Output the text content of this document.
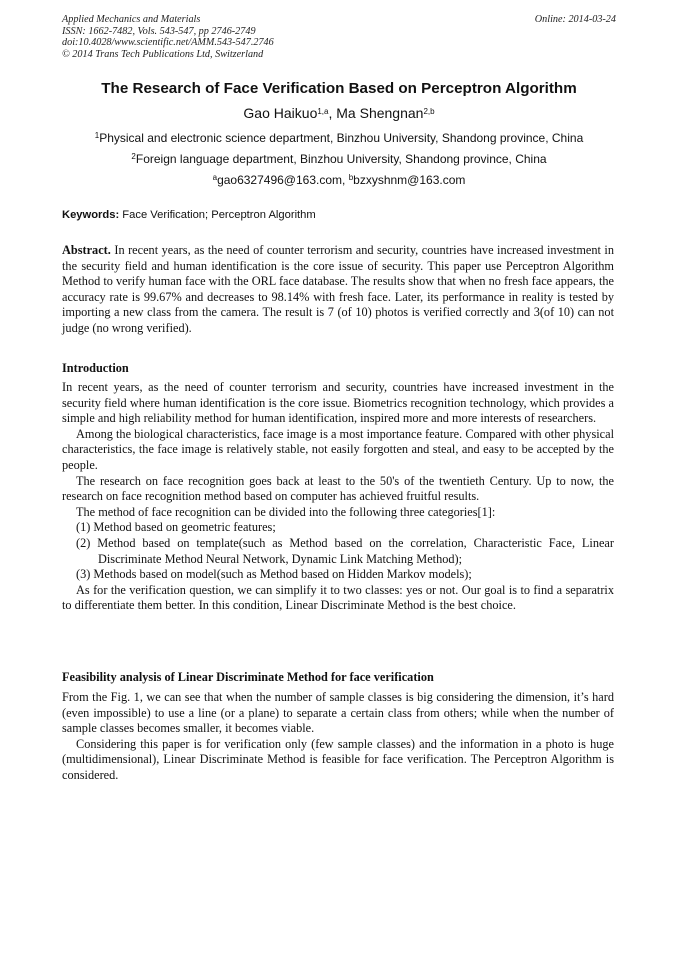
Applied Mechanics and Materials
ISSN: 1662-7482, Vols. 543-547, pp 2746-2749
doi:10.4028/www.scientific.net/AMM.543-547.2746
© 2014 Trans Tech Publications Ltd, Switzerland
Online: 2014-03-24
The Research of Face Verification Based on Perceptron Algorithm
Gao Haikuo$^{1,a}$, Ma Shengnan$^{2,b}$
$^1$Physical and electronic science department, Binzhou University, Shandong province, China
$^2$Foreign language department, Binzhou University, Shandong province, China
$^a$gao6327496@163.com, $^b$bzxyshnm@163.com
Keywords: Face Verification; Perceptron Algorithm

Abstract. In recent years, as the need of counter terrorism and security, countries have increased investment in the security field and human identification is the core issue of security. This paper use Perceptron Algorithm Method to verify human face with the ORL face database. The results show that when no fresh face appears, the accuracy rate is 99.67% and decreases to 98.14% with fresh face. Later, its performance in reality is tested by importing a new class from the camera. The result is 7 (of 10) photos is verified correctly and 3(of 10) can not judge (no wrong verified).

Introduction

In recent years, as the need of counter terrorism and security, countries have increased investment in the security field where human identification is the core issue. Biometrics recognition technology, which provides a simple and high reliability method for human identification, inspired more and more interests of researchers.

Among the biological characteristics, face image is a most importance feature. Compared with other physical characteristics, the face image is relatively stable, not easily forgotten and steal, and easy to be accepted by the people.

The research on face recognition goes back at least to the 50's of the twentieth Century. Up to now, the research on face recognition method based on computer has achieved fruitful results.

The method of face recognition can be divided into the following three categories[1]:

(1) Method based on geometric features;

(2) Method based on template(such as Method based on the correlation, Characteristic Face, Linear Discriminate Method Neural Network, Dynamic Link Matching Method);

(3) Methods based on model(such as Method based on Hidden Markov models);

As for the verification question, we can simplify it to two classes: yes or not. Our goal is to find a separatrix to differentiate them better. In this condition, Linear Discriminate Method is the best choice.

Feasibility analysis of Linear Discriminate Method for face verification

From the Fig. 1, we can see that when the number of sample classes is big considering the dimension, it’s hard (even impossible) to use a line (or a plane) to separate a certain class from others; while when the number of sample classes becomes smaller, it becomes viable.

Considering this paper is for verification only (few sample classes) and the information in a photo is huge (multidimensional), Linear Discriminate Method is feasible for face verification. The Perceptron Algorithm is considered.
